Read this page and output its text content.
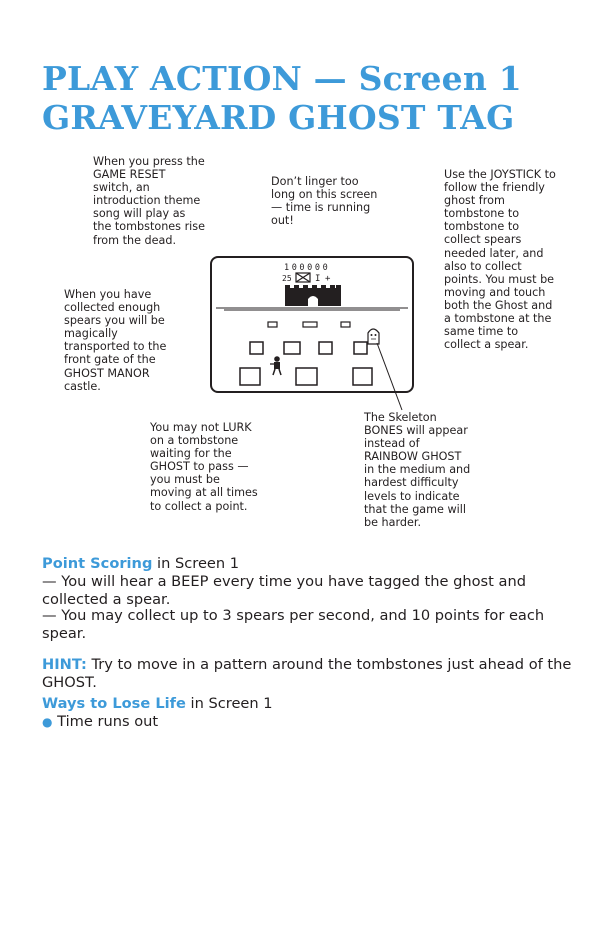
PLAY ACTION — Screen 1
GRAVEYARD GHOST TAG

When you press the
GAME RESET
switch, an
introduction theme
song will play as
the tombstones rise
from the dead.

Don’t linger too
long on this screen
— time is running
out!

Use the JOYSTICK to
follow the friendly
ghost from
tombstone to
tombstone to
collect spears
needed later, and
also to collect
points. You must be
moving and touch
both the Ghost and
a tombstone at the
same time to
collect a spear.

When you have
collected enough
spears you will be
magically
transported to the
front gate of the
GHOST MANOR
castle.

You may not LURK
on a tombstone
waiting for the
GHOST to pass —
you must be
moving at all times
to collect a point.

The Skeleton
BONES will appear
instead of
RAINBOW GHOST
in the medium and
hardest difficulty
levels to indicate
that the game will
be harder.

100000
25	I +

Point Scoring in Screen 1

— You will hear a BEEP every time you have tagged the ghost and collected a spear.

— You may collect up to 3 spears per second, and 10 points for each spear.

HINT: Try to move in a pattern around the tombstones just ahead of the GHOST.

Ways to Lose Life in Screen 1

● Time runs out
